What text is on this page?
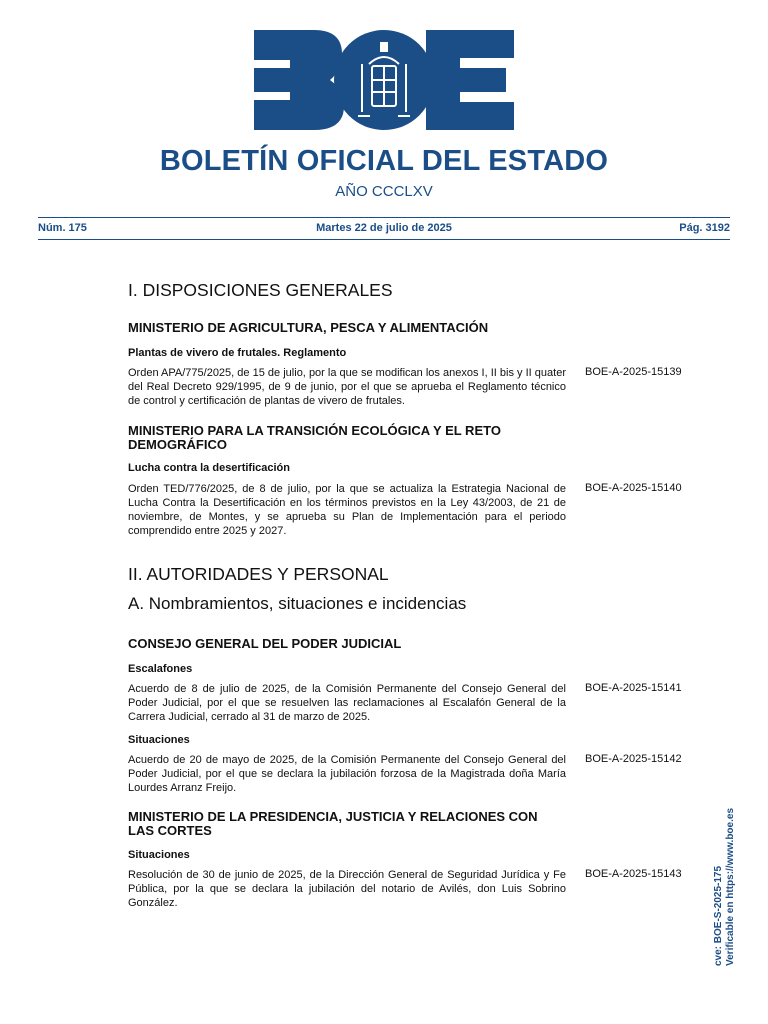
BOLETÍN OFICIAL DEL ESTADO
AÑO CCCLXV
Núm. 175	Martes 22 de julio de 2025	Pág. 3192
I. DISPOSICIONES GENERALES
MINISTERIO DE AGRICULTURA, PESCA Y ALIMENTACIÓN
Plantas de vivero de frutales. Reglamento
Orden APA/775/2025, de 15 de julio, por la que se modifican los anexos I, II bis y II quater del Real Decreto 929/1995, de 9 de junio, por el que se aprueba el Reglamento técnico de control y certificación de plantas de vivero de frutales.
BOE-A-2025-15139
MINISTERIO PARA LA TRANSICIÓN ECOLÓGICA Y EL RETO DEMOGRÁFICO
Lucha contra la desertificación
Orden TED/776/2025, de 8 de julio, por la que se actualiza la Estrategia Nacional de Lucha Contra la Desertificación en los términos previstos en la Ley 43/2003, de 21 de noviembre, de Montes, y se aprueba su Plan de Implementación para el periodo comprendido entre 2025 y 2027.
BOE-A-2025-15140
II. AUTORIDADES Y PERSONAL
A. Nombramientos, situaciones e incidencias
CONSEJO GENERAL DEL PODER JUDICIAL
Escalafones
Acuerdo de 8 de julio de 2025, de la Comisión Permanente del Consejo General del Poder Judicial, por el que se resuelven las reclamaciones al Escalafón General de la Carrera Judicial, cerrado al 31 de marzo de 2025.
BOE-A-2025-15141
Situaciones
Acuerdo de 20 de mayo de 2025, de la Comisión Permanente del Consejo General del Poder Judicial, por el que se declara la jubilación forzosa de la Magistrada doña María Lourdes Arranz Freijo.
BOE-A-2025-15142
MINISTERIO DE LA PRESIDENCIA, JUSTICIA Y RELACIONES CON LAS CORTES
Situaciones
Resolución de 30 de junio de 2025, de la Dirección General de Seguridad Jurídica y Fe Pública, por la que se declara la jubilación del notario de Avilés, don Luis Sobrino González.
BOE-A-2025-15143	cve: BOE-S-2025-175 Verificable en https://www.boe.es
